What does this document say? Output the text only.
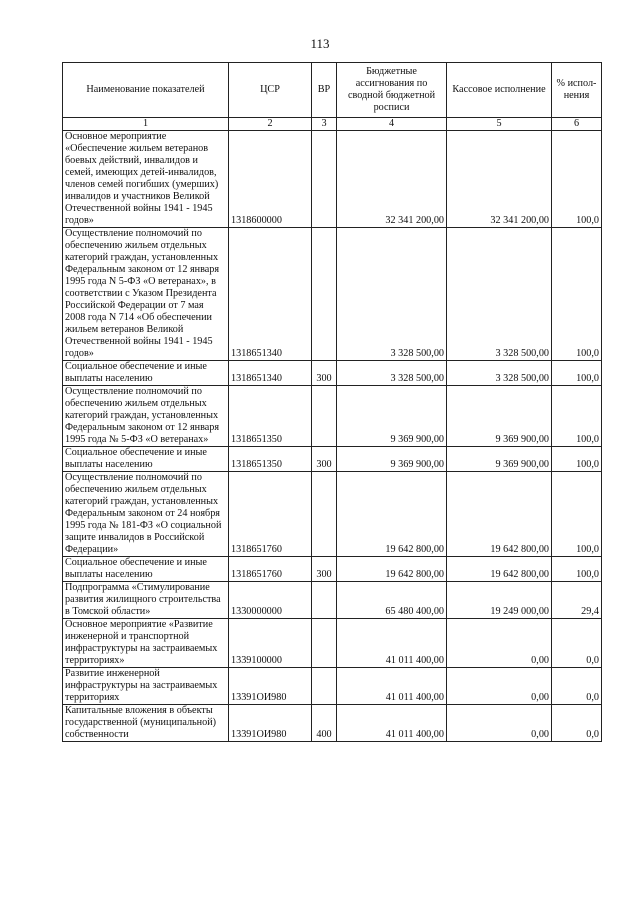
113
Наименование показателей	ЦСР	ВР	Бюджетные ассигнования по сводной бюджетной росписи	Кассовое исполнение	% испол- нения
1	2	3	4	5	6
Основное мероприятие «Обеспечение жильем ветеранов боевых действий, инвалидов и семей, имеющих детей-инвалидов, членов семей погибших (умерших) инвалидов и участников Великой Отечественной войны 1941 - 1945 годов»	1318600000		32 341 200,00	32 341 200,00	100,0
Осуществление полномочий по обеспечению жильем отдельных категорий граждан, установленных Федеральным законом от 12 января 1995 года N 5-ФЗ «О ветеранах», в соответствии с Указом Президента Российской Федерации от 7 мая 2008 года N 714 «Об обеспечении жильем ветеранов Великой Отечественной войны 1941 - 1945 годов»	1318651340		3 328 500,00	3 328 500,00	100,0
Социальное обеспечение и иные выплаты населению	1318651340	300	3 328 500,00	3 328 500,00	100,0
Осуществление полномочий по обеспечению жильем отдельных категорий граждан, установленных Федеральным законом от 12 января 1995 года № 5-ФЗ «О ветеранах»	1318651350		9 369 900,00	9 369 900,00	100,0
Социальное обеспечение и иные выплаты населению	1318651350	300	9 369 900,00	9 369 900,00	100,0
Осуществление полномочий по обеспечению жильем отдельных категорий граждан, установленных Федеральным законом от 24 ноября 1995 года № 181-ФЗ «О социальной защите инвалидов в Российской Федерации»	1318651760		19 642 800,00	19 642 800,00	100,0
Социальное обеспечение и иные выплаты населению	1318651760	300	19 642 800,00	19 642 800,00	100,0
Подпрограмма «Стимулирование развития жилищного строительства в Томской области»	1330000000		65 480 400,00	19 249 000,00	29,4
Основное мероприятие «Развитие инженерной и транспортной инфраструктуры на застраиваемых территориях»	1339100000		41 011 400,00	0,00	0,0
Развитие инженерной инфраструктуры на застраиваемых территориях	13391ОИ980		41 011 400,00	0,00	0,0
Капитальные вложения в объекты государственной (муниципальной) собственности	13391ОИ980	400	41 011 400,00	0,00	0,0
